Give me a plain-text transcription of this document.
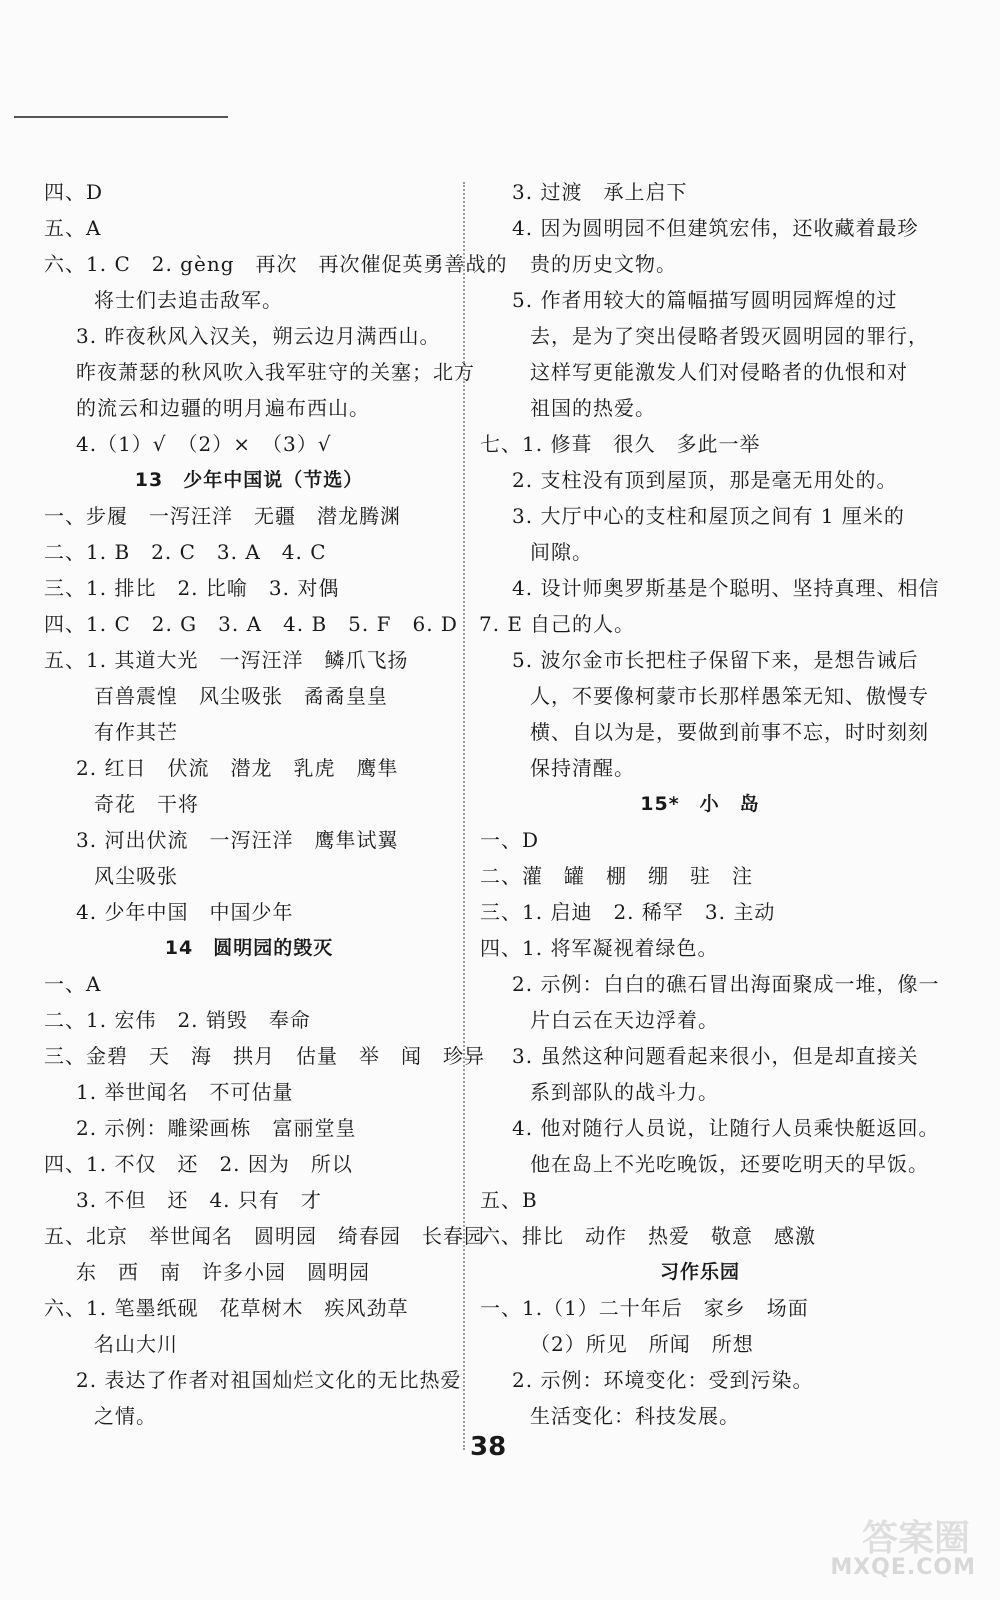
四、D
五、A
六、1. C　2. gèng　再次　再次催促英勇善战的
将士们去追击敌军。
3. 昨夜秋风入汉关，朔云边月满西山。
昨夜萧瑟的秋风吹入我军驻守的关塞；北方
的流云和边疆的明月遍布西山。
4.（1）√　（2）×　（3）√
13　少年中国说（节选）
一、步履　一泻汪洋　无疆　潜龙腾渊
二、1. B　2. C　3. A　4. C
三、1. 排比　2. 比喻　3. 对偶
四、1. C　2. G　3. A　4. B　5. F　6. D　7. E
五、1. 其道大光　一泻汪洋　鳞爪飞扬
百兽震惶　风尘吸张　矞矞皇皇
有作其芒
2. 红日　伏流　潜龙　乳虎　鹰隼
奇花　干将
3. 河出伏流　一泻汪洋　鹰隼试翼
风尘吸张
4. 少年中国　中国少年
14　圆明园的毁灭
一、A
二、1. 宏伟　2. 销毁　奉命
三、金碧　天　海　拱月　估量　举　闻　珍异
1. 举世闻名　不可估量
2. 示例：雕梁画栋　富丽堂皇
四、1. 不仅　还　2. 因为　所以
3. 不但　还　4. 只有　才
五、北京　举世闻名　圆明园　绮春园　长春园
东　西　南　许多小园　圆明园
六、1. 笔墨纸砚　花草树木　疾风劲草
名山大川
2. 表达了作者对祖国灿烂文化的无比热爱
之情。
3. 过渡　承上启下
4. 因为圆明园不但建筑宏伟，还收藏着最珍
贵的历史文物。
5. 作者用较大的篇幅描写圆明园辉煌的过
去，是为了突出侵略者毁灭圆明园的罪行，
这样写更能激发人们对侵略者的仇恨和对
祖国的热爱。
七、1. 修葺　很久　多此一举
2. 支柱没有顶到屋顶，那是毫无用处的。
3. 大厅中心的支柱和屋顶之间有 1 厘米的
间隙。
4. 设计师奥罗斯基是个聪明、坚持真理、相信
自己的人。
5. 波尔金市长把柱子保留下来，是想告诫后
人，不要像柯蒙市长那样愚笨无知、傲慢专
横、自以为是，要做到前事不忘，时时刻刻
保持清醒。
15*　小　岛
一、D
二、灌　罐　棚　绷　驻　注
三、1. 启迪　2. 稀罕　3. 主动
四、1. 将军凝视着绿色。
2. 示例：白白的礁石冒出海面聚成一堆，像一
片白云在天边浮着。
3. 虽然这种问题看起来很小，但是却直接关
系到部队的战斗力。
4. 他对随行人员说，让随行人员乘快艇返回。
他在岛上不光吃晚饭，还要吃明天的早饭。
五、B
六、排比　动作　热爱　敬意　感激
习作乐园
一、1.（1）二十年后　家乡　场面
（2）所见　所闻　所想
2. 示例：环境变化：受到污染。
生活变化：科技发展。
38
答案圈
MXQE.COM
